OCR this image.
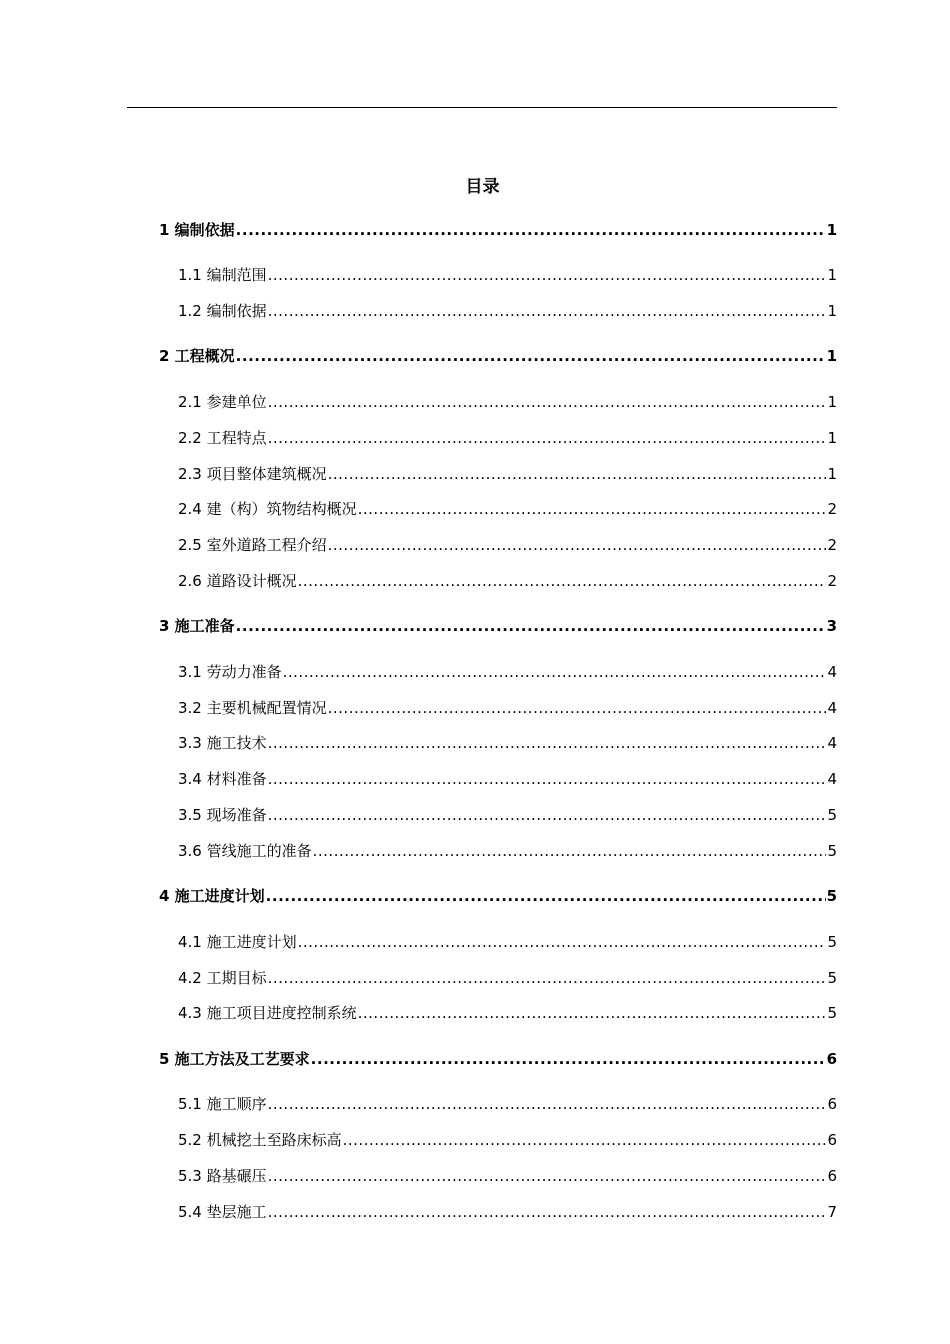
目录
1 编制依据 .....	1
1.1 编制范围 .....	1
1.2 编制依据 .....	1
2 工程概况 .....	1
2.1 参建单位 .....	1
2.2 工程特点 .....	1
2.3 项目整体建筑概况 .....	1
2.4 建（构）筑物结构概况 .....	2
2.5 室外道路工程介绍 .....	2
2.6 道路设计概况 .....	2
3 施工准备 .....	3
3.1 劳动力准备 .....	4
3.2 主要机械配置情况 .....	4
3.3 施工技术 .....	4
3.4 材料准备 .....	4
3.5 现场准备 .....	5
3.6 管线施工的准备 .....	5
4 施工进度计划 .....	5
4.1 施工进度计划 .....	5
4.2 工期目标 .....	5
4.3 施工项目进度控制系统 .....	5
5 施工方法及工艺要求 .....	6
5.1 施工顺序 .....	6
5.2 机械挖土至路床标高 .....	6
5.3 路基碾压 .....	6
5.4 垫层施工 .....	7
